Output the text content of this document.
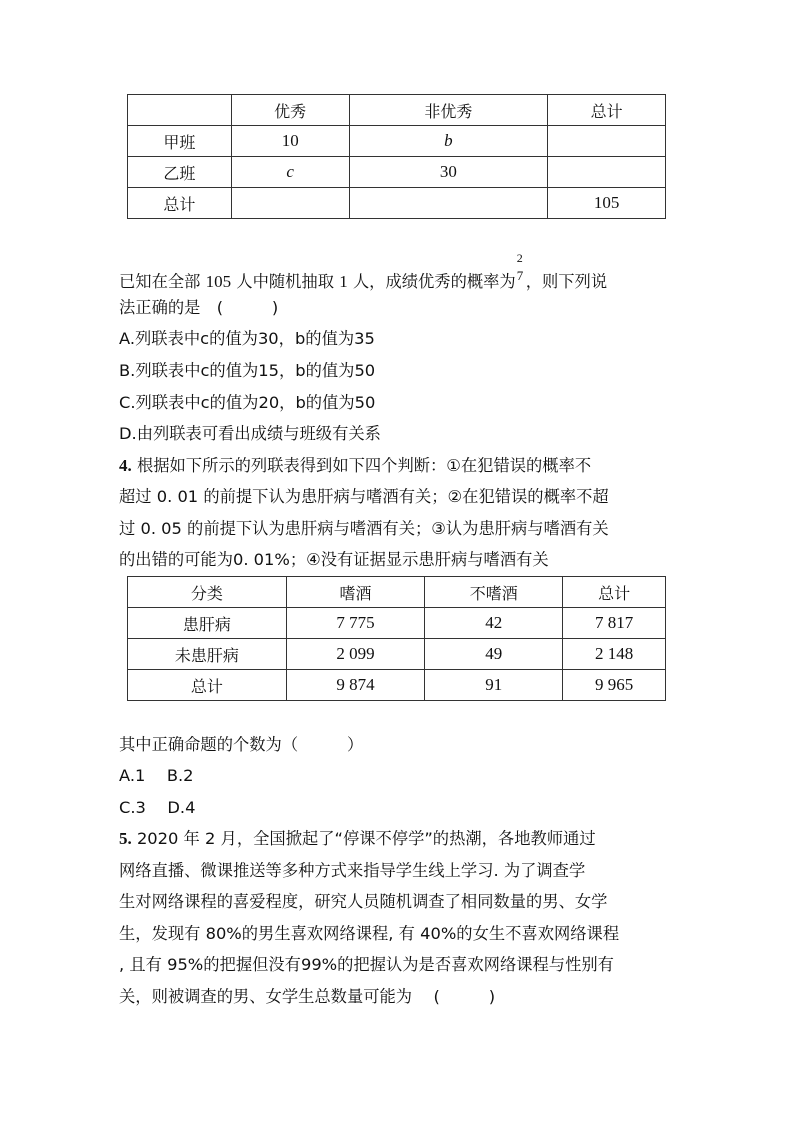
	优秀	非优秀	总计
甲班	10	b	
乙班	c	30	
总计			105
已知在全部 105 人中随机抽取 1 人，成绩优秀的概率为
2
7 ，则下列说
法正确的是　(　　　)
A.列联表中c的值为30，b的值为35
B.列联表中c的值为15，b的值为50
C.列联表中c的值为20，b的值为50
D.由列联表可看出成绩与班级有关系
4. 根据如下所示的列联表得到如下四个判断：①在犯错误的概率不
超过 0. 01 的前提下认为患肝病与嗜酒有关；②在犯错误的概率不超
过 0. 05 的前提下认为患肝病与嗜酒有关；③认为患肝病与嗜酒有关
的出错的可能为0. 01%；④没有证据显示患肝病与嗜酒有关
分类	嗜酒	不嗜酒	总计
患肝病	7 775	42	7 817
未患肝病	2 099	49	2 148
总计	9 874	91	9 965
其中正确命题的个数为（　　　）
A.1　 B.2
C.3　 D.4
5. 2020 年 2 月，全国掀起了“停课不停学”的热潮，各地教师通过
网络直播、微课推送等多种方式来指导学生线上学习. 为了调查学
生对网络课程的喜爱程度，研究人员随机调查了相同数量的男、女学
生，发现有 80%的男生喜欢网络课程, 有 40%的女生不喜欢网络课程
, 且有 95%的把握但没有99%的把握认为是否喜欢网络课程与性别有
关，则被调查的男、女学生总数量可能为　 (　　　)
